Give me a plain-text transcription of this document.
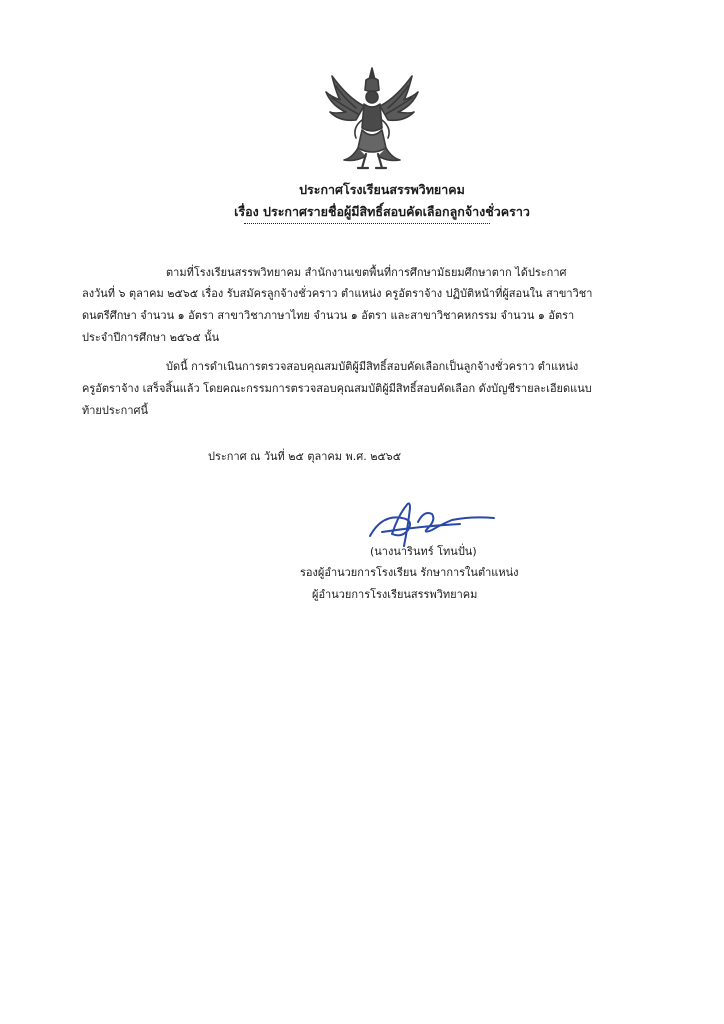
ประกาศโรงเรียนสรรพวิทยาคม
เรื่อง ประกาศรายชื่อผู้มีสิทธิ์สอบคัดเลือกลูกจ้างชั่วคราว
ตามที่โรงเรียนสรรพวิทยาคม สำนักงานเขตพื้นที่การศึกษามัธยมศึกษาตาก ได้ประกาศ
ลงวันที่ ๖ ตุลาคม ๒๕๖๕ เรื่อง รับสมัครลูกจ้างชั่วคราว ตำแหน่ง ครูอัตราจ้าง ปฏิบัติหน้าที่ผู้สอนใน สาขาวิชา
ดนตรีศึกษา จำนวน ๑ อัตรา สาขาวิชาภาษาไทย จำนวน ๑ อัตรา และสาขาวิชาคหกรรม จำนวน ๑ อัตรา
ประจำปีการศึกษา ๒๕๖๕ นั้น
บัดนี้ การดำเนินการตรวจสอบคุณสมบัติผู้มีสิทธิ์สอบคัดเลือกเป็นลูกจ้างชั่วคราว ตำแหน่ง
ครูอัตราจ้าง เสร็จสิ้นแล้ว โดยคณะกรรมการตรวจสอบคุณสมบัติผู้มีสิทธิ์สอบคัดเลือก ดังบัญชีรายละเอียดแนบ
ท้ายประกาศนี้
ประกาศ ณ วันที่ ๒๕ ตุลาคม พ.ศ. ๒๕๖๕
(นางนารินทร์ โทนปั่น)
รองผู้อำนวยการโรงเรียน รักษาการในตำแหน่ง
ผู้อำนวยการโรงเรียนสรรพวิทยาคม
